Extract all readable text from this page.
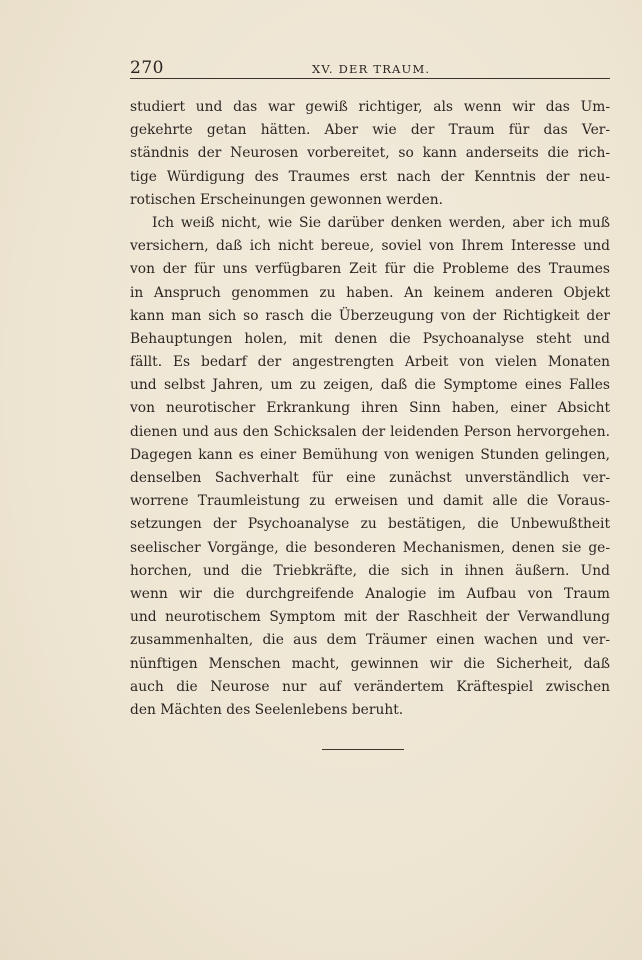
270	XV. DER TRAUM.
studiert und das war gewiß richtiger, als wenn wir das Um-
gekehrte getan hätten. Aber wie der Traum für das Ver-
ständnis der Neurosen vorbereitet, so kann anderseits die rich-
tige Würdigung des Traumes erst nach der Kenntnis der neu-
rotischen Erscheinungen gewonnen werden.
Ich weiß nicht, wie Sie darüber denken werden, aber ich muß
versichern, daß ich nicht bereue, soviel von Ihrem Interesse und
von der für uns verfügbaren Zeit für die Probleme des Traumes
in Anspruch genommen zu haben. An keinem anderen Objekt
kann man sich so rasch die Überzeugung von der Richtigkeit der
Behauptungen holen, mit denen die Psychoanalyse steht und
fällt. Es bedarf der angestrengten Arbeit von vielen Monaten
und selbst Jahren, um zu zeigen, daß die Symptome eines Falles
von neurotischer Erkrankung ihren Sinn haben, einer Absicht
dienen und aus den Schicksalen der leidenden Person hervorgehen.
Dagegen kann es einer Bemühung von wenigen Stunden gelingen,
denselben Sachverhalt für eine zunächst unverständlich ver-
worrene Traumleistung zu erweisen und damit alle die Voraus-
setzungen der Psychoanalyse zu bestätigen, die Unbewußtheit
seelischer Vorgänge, die besonderen Mechanismen, denen sie ge-
horchen, und die Triebkräfte, die sich in ihnen äußern. Und
wenn wir die durchgreifende Analogie im Aufbau von Traum
und neurotischem Symptom mit der Raschheit der Verwandlung
zusammenhalten, die aus dem Träumer einen wachen und ver-
nünftigen Menschen macht, gewinnen wir die Sicherheit, daß
auch die Neurose nur auf verändertem Kräftespiel zwischen
den Mächten des Seelenlebens beruht.
